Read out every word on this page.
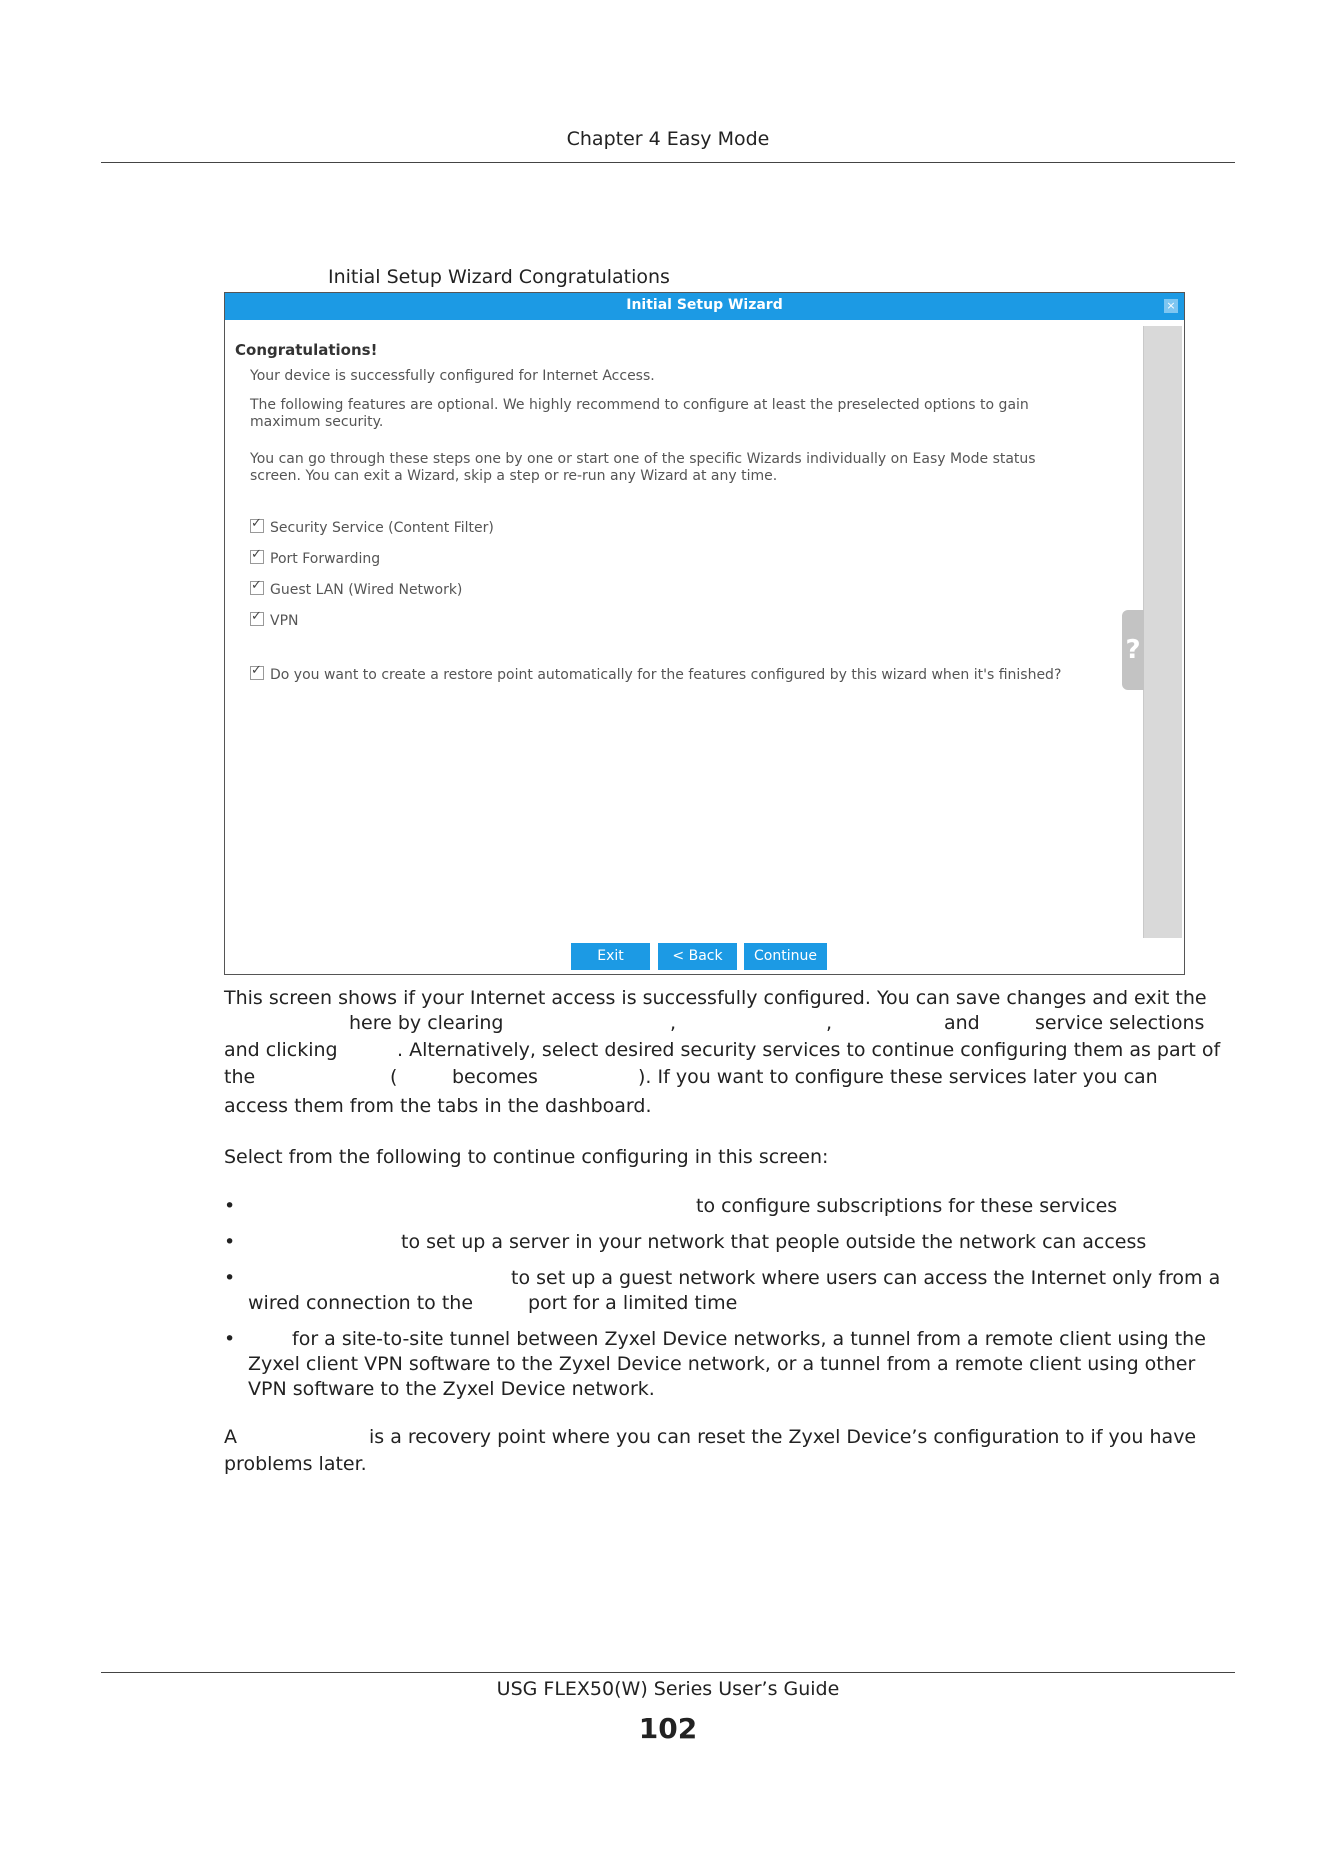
Chapter 4 Easy Mode
Initial Setup Wizard Congratulations
Initial Setup Wizard	×
Congratulations!
Your device is successfully configured for Internet Access.
The following features are optional. We highly recommend to configure at least the preselected options to gain
maximum security.
You can go through these steps one by one or start one of the specific Wizards individually on Easy Mode status
screen. You can exit a Wizard, skip a step or re-run any Wizard at any time.
✓Security Service (Content Filter)
✓Port Forwarding
✓Guest LAN (Wired Network)
✓VPN
✓Do you want to create a restore point automatically for the features configured by this wizard when it's finished?
?
Exit	< Back	Continue
This screen shows if your Internet access is successfully configured. You can save changes and exit the
here by clearing	,	,	and	service selections
and clicking	. Alternatively, select desired security services to continue configuring them as part of
the	(	becomes	). If you want to configure these services later you can
access them from the tabs in the dashboard.
Select from the following to continue configuring in this screen:
•	to configure subscriptions for these services
•	to set up a server in your network that people outside the network can access
•	to set up a guest network where users can access the Internet only from a
wired connection to the	port for a limited time
•	for a site-to-site tunnel between Zyxel Device networks, a tunnel from a remote client using the
Zyxel client VPN software to the Zyxel Device network, or a tunnel from a remote client using other
VPN software to the Zyxel Device network.
A	is a recovery point where you can reset the Zyxel Device’s configuration to if you have
problems later.
USG FLEX50(W) Series User’s Guide
102
